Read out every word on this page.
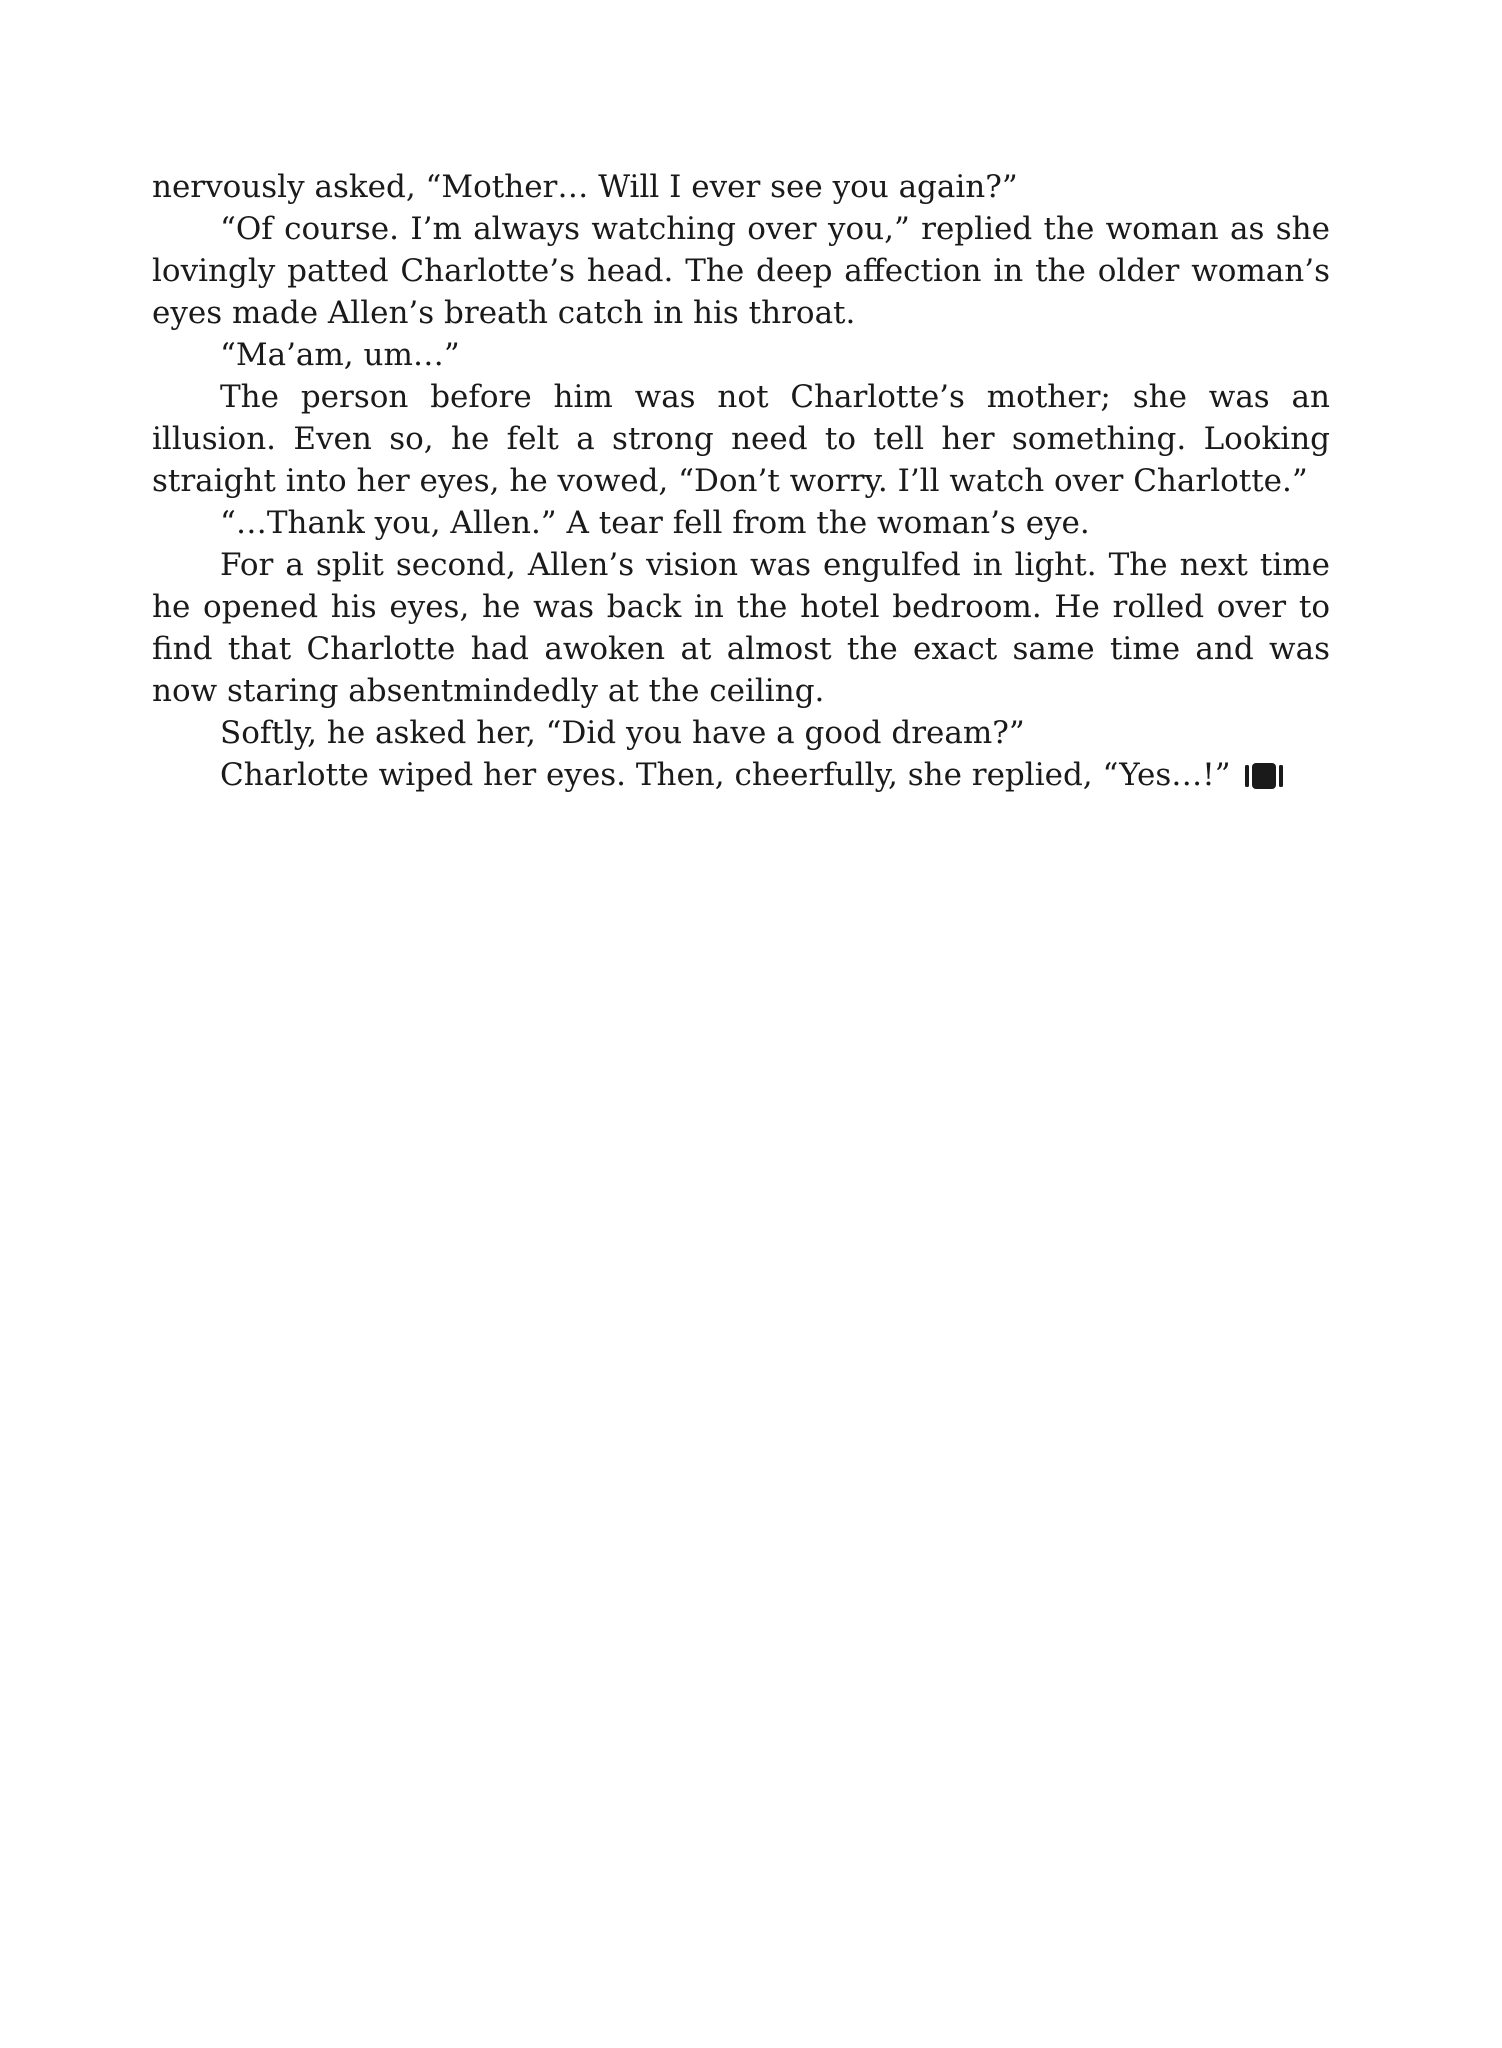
nervously asked, “Mother… Will I ever see you again?”

“Of course. I’m always watching over you,” replied the woman as she lovingly patted Charlotte’s head. The deep affection in the older woman’s eyes made Allen’s breath catch in his throat.

“Ma’am, um…”

The person before him was not Charlotte’s mother; she was an illusion. Even so, he felt a strong need to tell her something. Looking straight into her eyes, he vowed, “Don’t worry. I’ll watch over Charlotte.”

“…Thank you, Allen.” A tear fell from the woman’s eye.

For a split second, Allen’s vision was engulfed in light. The next time he opened his eyes, he was back in the hotel bedroom. He rolled over to find that Charlotte had awoken at almost the exact same time and was now staring absentmindedly at the ceiling.

Softly, he asked her, “Did you have a good dream?”

Charlotte wiped her eyes. Then, cheerfully, she replied, “Yes…!”
